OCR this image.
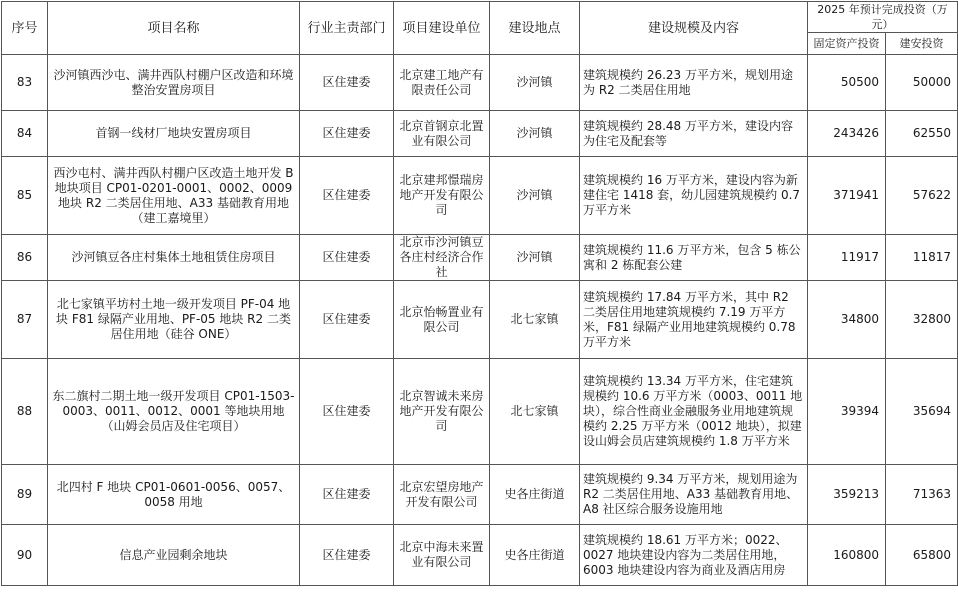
序号	项目名称	行业主责部门	项目建设单位	建设地点	建设规模及内容	2025 年预计完成投资（万元）	
						固定资产投资	建安投资
83	沙河镇西沙屯、满井西队村棚户区改造和环境整治安置房项目	区住建委	北京建工地产有限责任公司	沙河镇	建筑规模约 26.23 万平方米，规划用途为 R2 二类居住用地	50500	50000
84	首钢一线材厂地块安置房项目	区住建委	北京首钢京北置业有限公司	沙河镇	建筑规模约 28.48 万平方米，建设内容为住宅及配套等	243426	62550
85	西沙屯村、满井西队村棚户区改造土地开发 B 地块项目 CP01-0201-0001、0002、0009 地块 R2 二类居住用地、A33 基础教育用地（建工嘉境里）	区住建委	北京建邦憬瑞房地产开发有限公司	沙河镇	建筑规模约 16 万平方米，建设内容为新建住宅 1418 套，幼儿园建筑规模约 0.7 万平方米	371941	57622
86	沙河镇豆各庄村集体土地租赁住房项目	区住建委	北京市沙河镇豆各庄村经济合作社	沙河镇	建筑规模约 11.6 万平方米，包含 5 栋公寓和 2 栋配套公建	11917	11817
87	北七家镇平坊村土地一级开发项目 PF-04 地块 F81 绿隔产业用地、PF-05 地块 R2 二类居住用地（硅谷 ONE）	区住建委	北京怡畅置业有限公司	北七家镇	建筑规模约 17.84 万平方米，其中 R2 二类居住用地建筑规模约 7.19 万平方米，F81 绿隔产业用地建筑规模约 0.78 万平方米	34800	32800
88	东二旗村二期土地一级开发项目 CP01-1503-0003、0011、0012、0001 等地块用地（山姆会员店及住宅项目）	区住建委	北京智诚未来房地产开发有限公司	北七家镇	建筑规模约 13.34 万平方米，住宅建筑规模约 10.6 万平方米（0003、0011 地块），综合性商业金融服务业用地建筑规模约 2.25 万平方米（0012 地块），拟建设山姆会员店建筑规模约 1.8 万平方米	39394	35694
89	北四村 F 地块 CP01-0601-0056、0057、0058 用地	区住建委	北京宏望房地产开发有限公司	史各庄街道	建筑规模约 9.34 万平方米，规划用途为 R2 二类居住用地、A33 基础教育用地、A8 社区综合服务设施用地	359213	71363
90	信息产业园剩余地块	区住建委	北京中海未来置业有限公司	史各庄街道	建筑规模约 18.61 万平方米；0022、0027 地块建设内容为二类居住用地，6003 地块建设内容为商业及酒店用房	160800	65800
